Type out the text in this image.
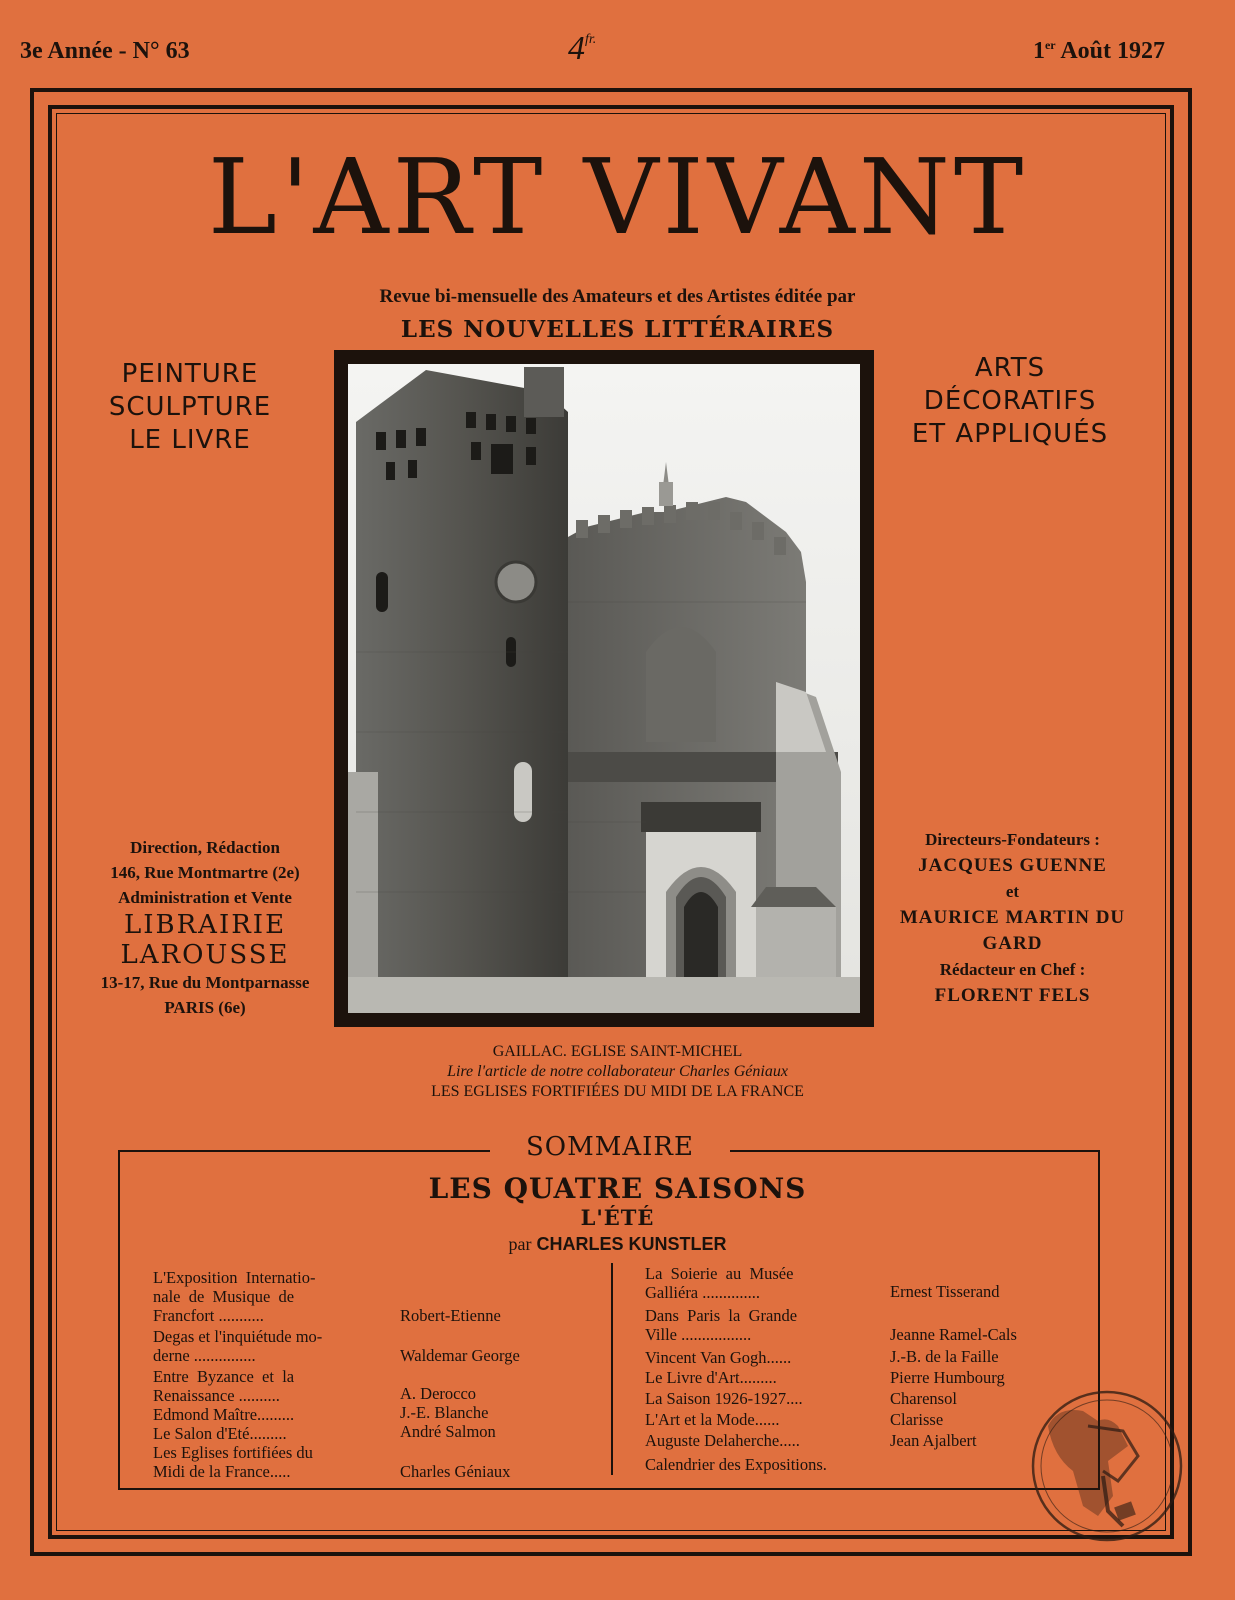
3e Année - N° 63	$4^{fr.}$	1er Août 1927
L'ART VIVANT
Revue bi-mensuelle des Amateurs et des Artistes éditée par
LES NOUVELLES LITTÉRAIRES
PEINTURE
SCULPTURE
LE LIVRE
ARTS
DÉCORATIFS
ET APPLIQUÉS
Direction, Rédaction
146, Rue Montmartre (2e)
Administration et Vente
LIBRAIRIE
LAROUSSE
13-17, Rue du Montparnasse
PARIS (6e)
Directeurs-Fondateurs :
JACQUES GUENNE
et
MAURICE MARTIN DU GARD
Rédacteur en Chef :
FLORENT FELS
GAILLAC. EGLISE SAINT-MICHEL
Lire l'article de notre collaborateur Charles Géniaux
LES EGLISES FORTIFIÉES DU MIDI DE LA FRANCE
SOMMAIRE
LES QUATRE SAISONS
L'ÉTÉ
par CHARLES KUNSTLER
L'Exposition  Internatio-
nale  de  Musique  de
Francfort ...........	Robert-Etienne
Degas et l'inquiétude mo-
derne ...............	Waldemar George
Entre  Byzance  et  la
Renaissance ..........	A. Derocco
Edmond Maître.........	J.-E. Blanche
Le Salon d'Eté.........	André Salmon
Les Eglises fortifiées du
Midi de la France.....	Charles Géniaux
La  Soierie  au  Musée
Galliéra ..............	Ernest Tisserand
Dans  Paris  la  Grande
Ville .................	Jeanne Ramel-Cals
Vincent Van Gogh......	J.-B. de la Faille
Le Livre d'Art.........	Pierre Humbourg
La Saison 1926-1927....	Charensol
L'Art et la Mode......	Clarisse
Auguste Delaherche.....	Jean Ajalbert
Calendrier des Expositions.
